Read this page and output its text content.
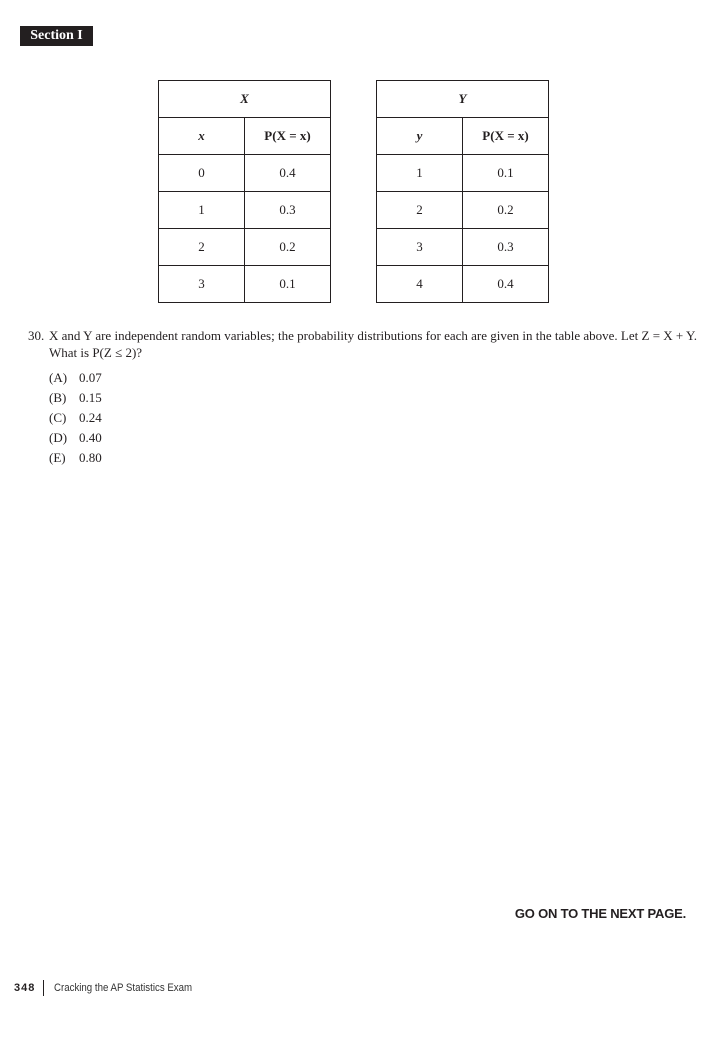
Section I
X	
x	P(X = x)
0	0.4
1	0.3
2	0.2
3	0.1
Y	
y	P(X = x)
1	0.1
2	0.2
3	0.3
4	0.4
30. X and Y are independent random variables; the probability distributions for each are given in the table above. Let Z = X + Y.
What is P(Z ≤ 2)?
(A) 0.07
(B) 0.15
(C) 0.24
(D) 0.40
(E) 0.80
GO ON TO THE NEXT PAGE.
348 Cracking the AP Statistics Exam
